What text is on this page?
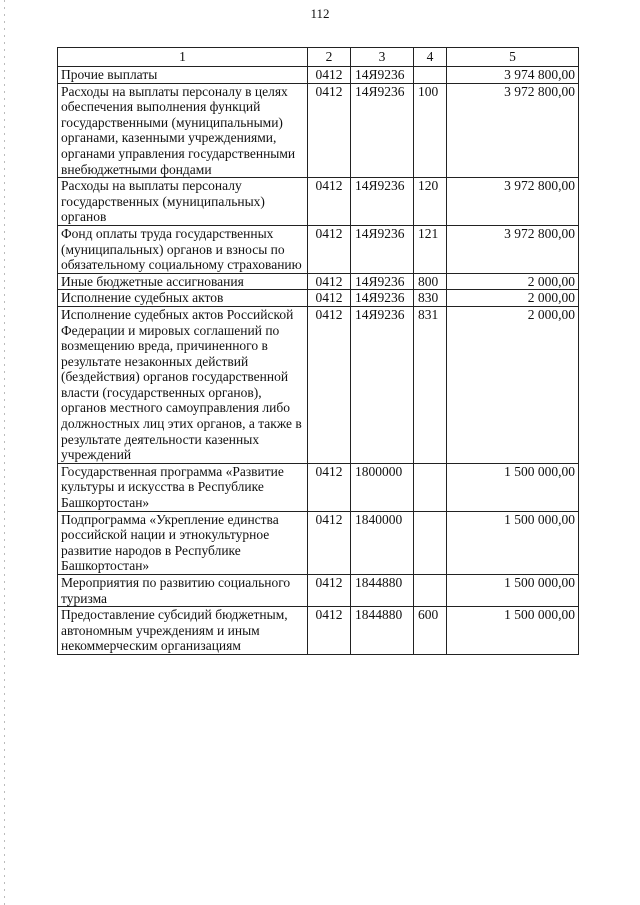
112
1	2	3	4	5
Прочие выплаты	0412	14Я9236		3 974 800,00
Расходы на выплаты персоналу в целях обеспечения выполнения функций государственными (муниципальными) органами, казенными учреждениями, органами управления государственными внебюджетными фондами	0412	14Я9236	100	3 972 800,00
Расходы на выплаты персоналу государственных (муниципальных) органов	0412	14Я9236	120	3 972 800,00
Фонд оплаты труда государственных (муниципальных) органов и взносы по обязательному социальному страхованию	0412	14Я9236	121	3 972 800,00
Иные бюджетные ассигнования	0412	14Я9236	800	2 000,00
Исполнение судебных актов	0412	14Я9236	830	2 000,00
Исполнение судебных актов Российской Федерации и мировых соглашений по возмещению вреда, причиненного в результате незаконных действий (бездействия) органов государственной власти (государственных органов), органов местного самоуправления либо должностных лиц этих органов, а также в результате деятельности казенных учреждений	0412	14Я9236	831	2 000,00
Государственная программа «Развитие культуры и искусства в Республике Башкортостан»	0412	1800000		1 500 000,00
Подпрограмма «Укрепление единства российской нации и этнокультурное развитие народов в Республике Башкортостан»	0412	1840000		1 500 000,00
Мероприятия по развитию социального туризма	0412	1844880		1 500 000,00
Предоставление субсидий бюджетным, автономным учреждениям и иным некоммерческим организациям	0412	1844880	600	1 500 000,00
